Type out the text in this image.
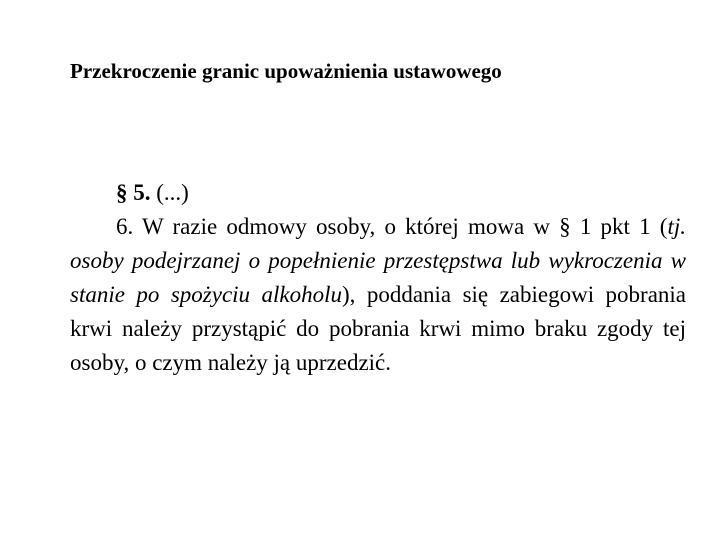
Przekroczenie granic upoważnienia ustawowego
§ 5. (...)

6. W razie odmowy osoby, o której mowa w § 1 pkt 1 (tj. osoby podejrzanej o popełnienie przestępstwa lub wykroczenia w stanie po spożyciu alkoholu), poddania się zabiegowi pobrania krwi należy przystąpić do pobrania krwi mimo braku zgody tej osoby, o czym należy ją uprzedzić.
